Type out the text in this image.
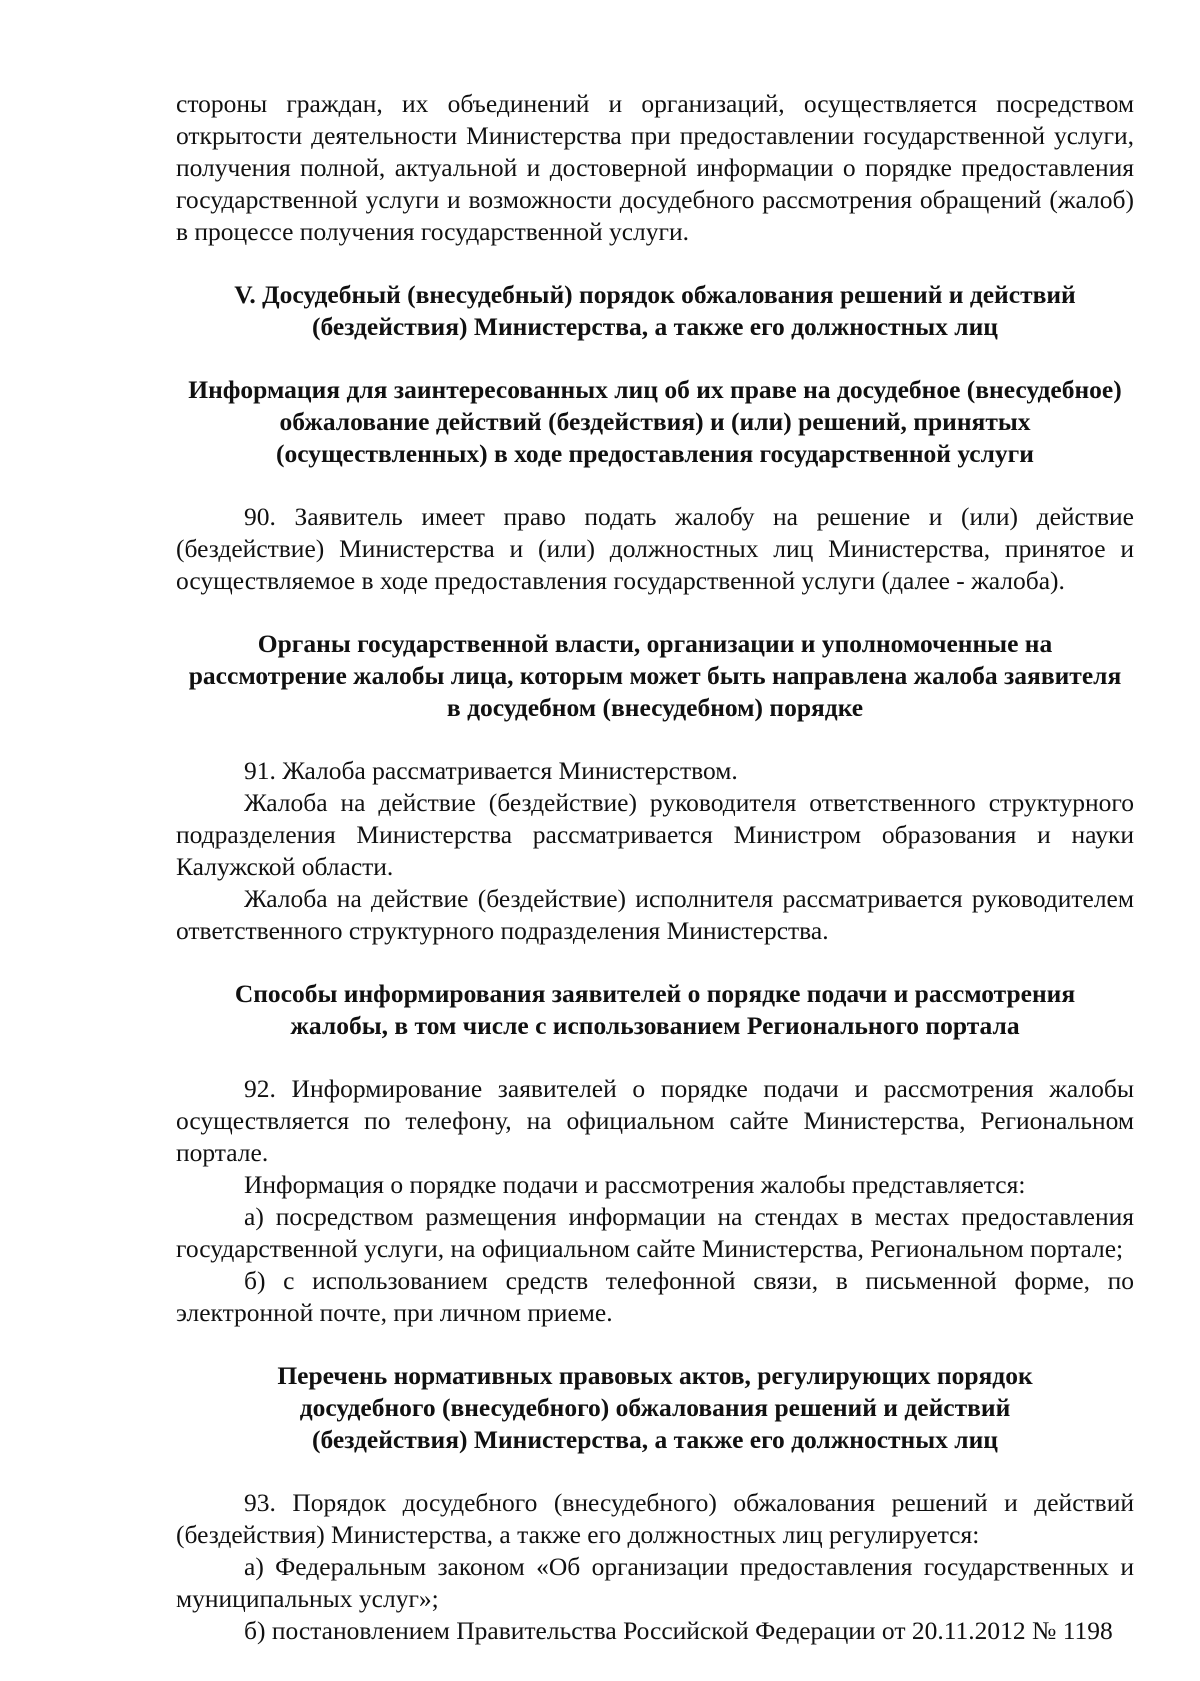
стороны граждан, их объединений и организаций, осуществляется посредством открытости деятельности Министерства при предоставлении государственной услуги, получения полной, актуальной и достоверной информации о порядке предоставления государственной услуги и возможности досудебного рассмотрения обращений (жалоб) в процессе получения государственной услуги.

V. Досудебный (внесудебный) порядок обжалования решений и действий

(бездействия) Министерства, а также его должностных лиц

Информация для заинтересованных лиц об их праве на досудебное (внесудебное)

обжалование действий (бездействия) и (или) решений, принятых

(осуществленных) в ходе предоставления государственной услуги

90. Заявитель имеет право подать жалобу на решение и (или) действие (бездействие) Министерства и (или) должностных лиц Министерства, принятое и осуществляемое в ходе предоставления государственной услуги (далее - жалоба).

Органы государственной власти, организации и уполномоченные на

рассмотрение жалобы лица, которым может быть направлена жалоба заявителя

в досудебном (внесудебном) порядке

91. Жалоба рассматривается Министерством.

Жалоба на действие (бездействие) руководителя ответственного структурного подразделения Министерства рассматривается Министром образования и науки Калужской области.

Жалоба на действие (бездействие) исполнителя рассматривается руководителем ответственного структурного подразделения Министерства.

Способы информирования заявителей о порядке подачи и рассмотрения

жалобы, в том числе с использованием Регионального портала

92. Информирование заявителей о порядке подачи и рассмотрения жалобы осуществляется по телефону, на официальном сайте Министерства, Региональном портале.

Информация о порядке подачи и рассмотрения жалобы представляется:

а) посредством размещения информации на стендах в местах предоставления государственной услуги, на официальном сайте Министерства, Региональном портале;

б) с использованием средств телефонной связи, в письменной форме, по электронной почте, при личном приеме.

Перечень нормативных правовых актов, регулирующих порядок

досудебного (внесудебного) обжалования решений и действий

(бездействия) Министерства, а также его должностных лиц

93. Порядок досудебного (внесудебного) обжалования решений и действий (бездействия) Министерства, а также его должностных лиц регулируется:

а) Федеральным законом «Об организации предоставления государственных и муниципальных услуг»;

б) постановлением Правительства Российской Федерации от 20.11.2012 № 1198
